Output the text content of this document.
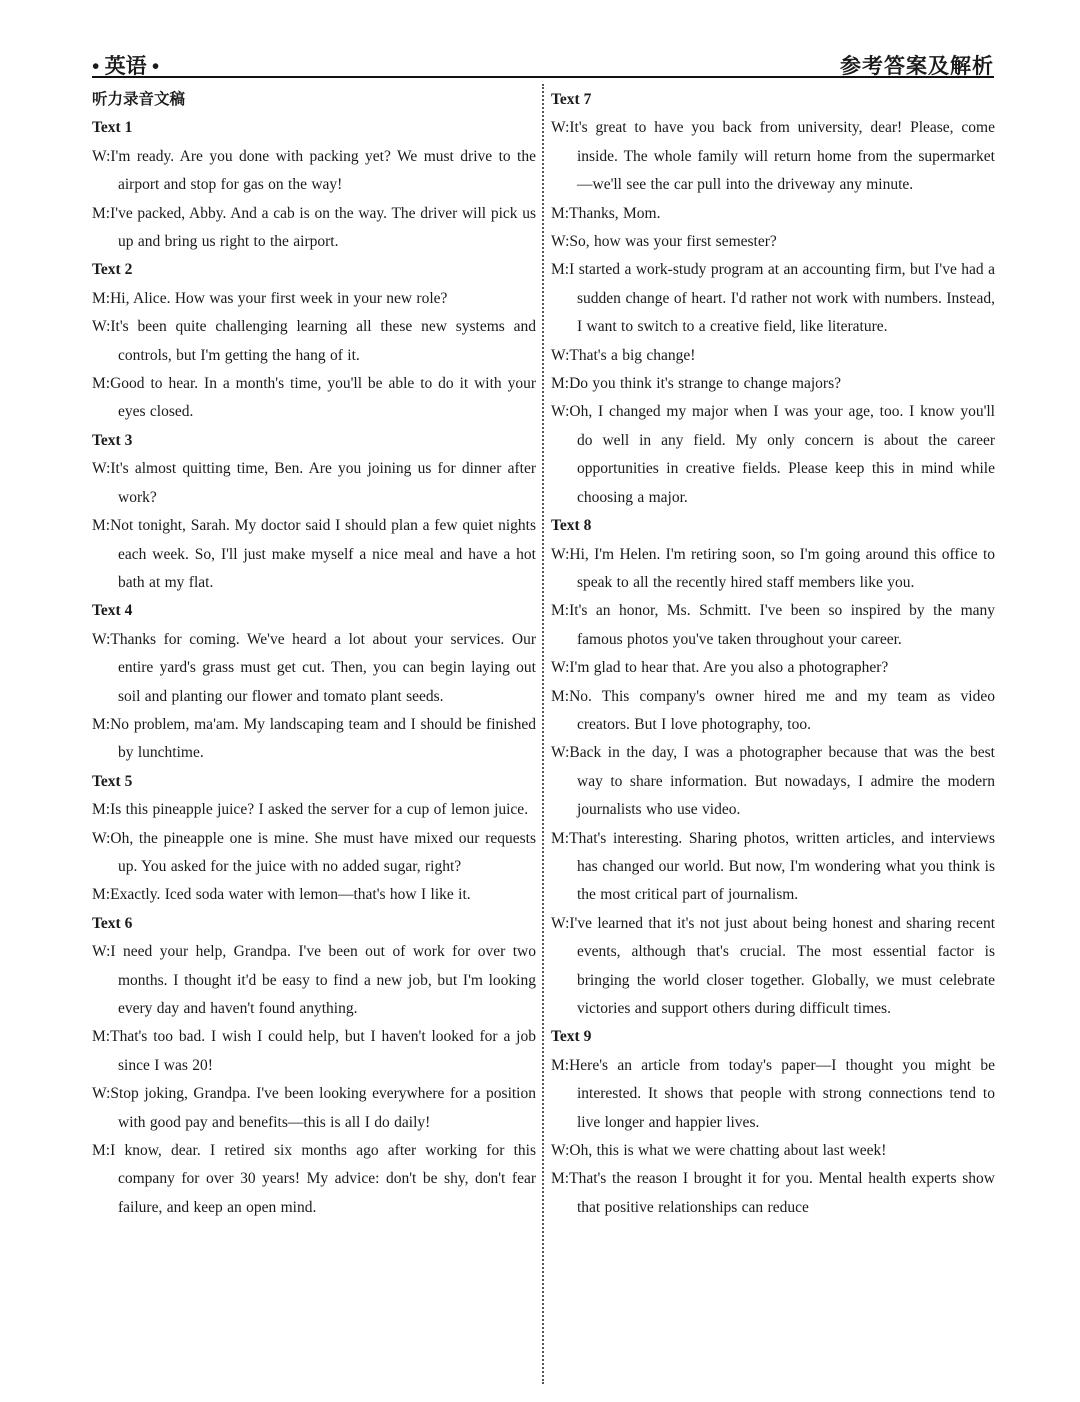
• 英语 •	参考答案及解析
听力录音文稿
Text 1
W:I'm ready. Are you done with packing yet? We must drive to the airport and stop for gas on the way!
M:I've packed, Abby. And a cab is on the way. The driver will pick us up and bring us right to the airport.
Text 2
M:Hi, Alice. How was your first week in your new role?
W:It's been quite challenging learning all these new systems and controls, but I'm getting the hang of it.
M:Good to hear. In a month's time, you'll be able to do it with your eyes closed.
Text 3
W:It's almost quitting time, Ben. Are you joining us for dinner after work?
M:Not tonight, Sarah. My doctor said I should plan a few quiet nights each week. So, I'll just make myself a nice meal and have a hot bath at my flat.
Text 4
W:Thanks for coming. We've heard a lot about your services. Our entire yard's grass must get cut. Then, you can begin laying out soil and planting our flower and tomato plant seeds.
M:No problem, ma'am. My landscaping team and I should be finished by lunchtime.
Text 5
M:Is this pineapple juice? I asked the server for a cup of lemon juice.
W:Oh, the pineapple one is mine. She must have mixed our requests up. You asked for the juice with no added sugar, right?
M:Exactly. Iced soda water with lemon—that's how I like it.
Text 6
W:I need your help, Grandpa. I've been out of work for over two months. I thought it'd be easy to find a new job, but I'm looking every day and haven't found anything.
M:That's too bad. I wish I could help, but I haven't looked for a job since I was 20!
W:Stop joking, Grandpa. I've been looking everywhere for a position with good pay and benefits—this is all I do daily!
M:I know, dear. I retired six months ago after working for this company for over 30 years! My advice: don't be shy, don't fear failure, and keep an open mind.
Text 7
W:It's great to have you back from university, dear! Please, come inside. The whole family will return home from the supermarket—we'll see the car pull into the driveway any minute.
M:Thanks, Mom.
W:So, how was your first semester?
M:I started a work-study program at an accounting firm, but I've had a sudden change of heart. I'd rather not work with numbers. Instead, I want to switch to a creative field, like literature.
W:That's a big change!
M:Do you think it's strange to change majors?
W:Oh, I changed my major when I was your age, too. I know you'll do well in any field. My only concern is about the career opportunities in creative fields. Please keep this in mind while choosing a major.
Text 8
W:Hi, I'm Helen. I'm retiring soon, so I'm going around this office to speak to all the recently hired staff members like you.
M:It's an honor, Ms. Schmitt. I've been so inspired by the many famous photos you've taken throughout your career.
W:I'm glad to hear that. Are you also a photographer?
M:No. This company's owner hired me and my team as video creators. But I love photography, too.
W:Back in the day, I was a photographer because that was the best way to share information. But nowadays, I admire the modern journalists who use video.
M:That's interesting. Sharing photos, written articles, and interviews has changed our world. But now, I'm wondering what you think is the most critical part of journalism.
W:I've learned that it's not just about being honest and sharing recent events, although that's crucial. The most essential factor is bringing the world closer together. Globally, we must celebrate victories and support others during difficult times.
Text 9
M:Here's an article from today's paper—I thought you might be interested. It shows that people with strong connections tend to live longer and happier lives.
W:Oh, this is what we were chatting about last week!
M:That's the reason I brought it for you. Mental health experts show that positive relationships can reduce
